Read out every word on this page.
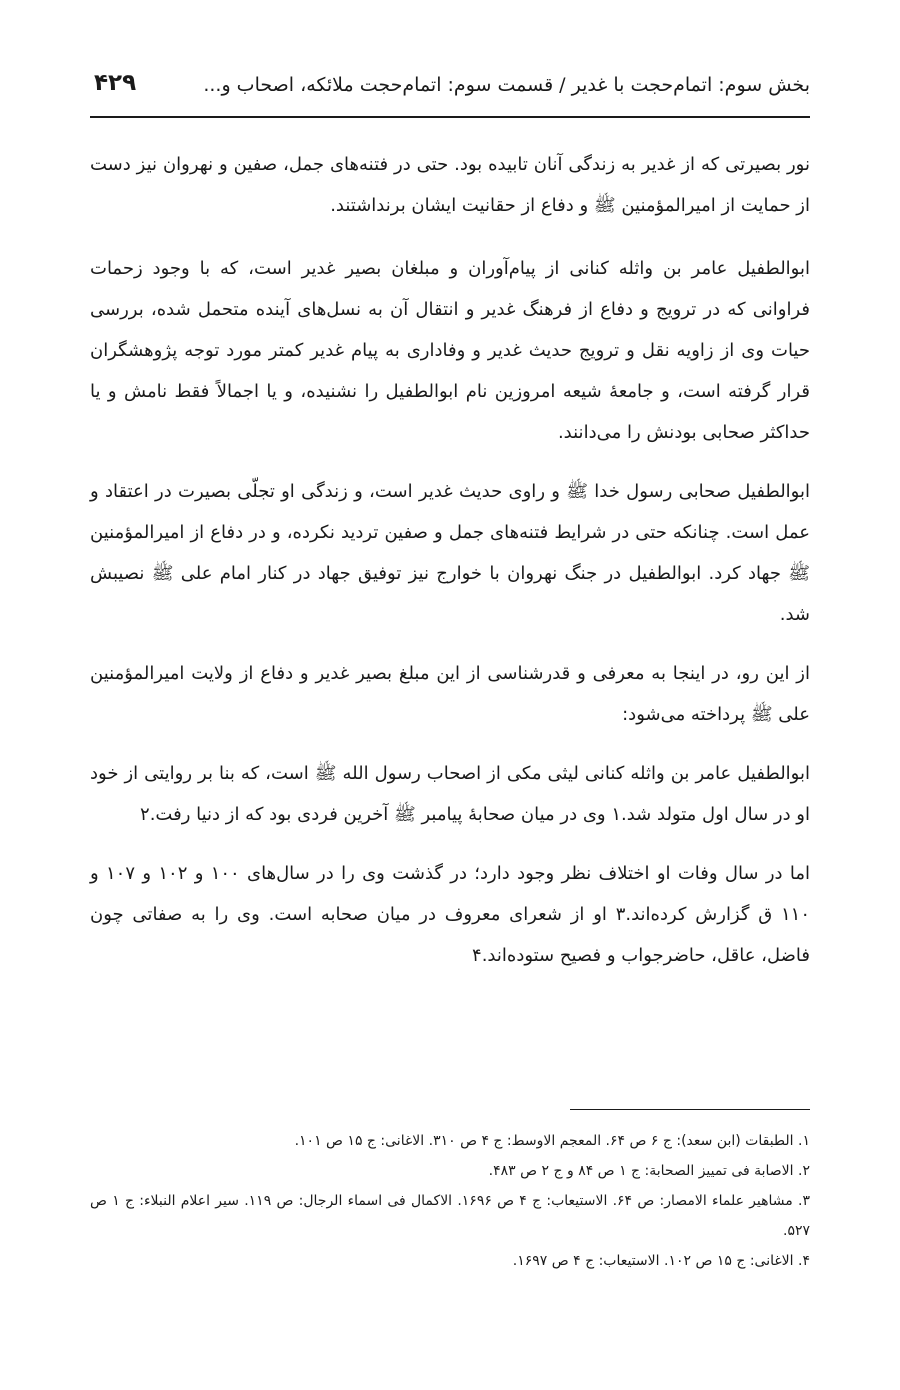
بخش سوم: اتمام‌حجت با غدیر / قسمت سوم: اتمام‌حجت ملائکه، اصحاب و...
۴۲۹

نور بصیرتی که از غدیر به زندگی آنان تابیده بود. حتی در فتنه‌های جمل، صفین و نهروان نیز دست از حمایت از امیرالمؤمنین ﷺ و دفاع از حقانیت ایشان برنداشتند.

ابوالطفیل عامر بن واثله کنانی از پیام‌آوران و مبلغان بصیر غدیر است، که با وجود زحمات فراوانی که در ترویج و دفاع از فرهنگ غدیر و انتقال آن به نسل‌های آینده متحمل شده، بررسی حیات وی از زاویه نقل و ترویج حدیث غدیر و وفاداری به پیام غدیر کمتر مورد توجه پژوهشگران قرار گرفته است، و جامعهٔ شیعه امروزین نام ابوالطفیل را نشنیده، و یا اجمالاً فقط نامش و یا حداکثر صحابی بودنش را می‌دانند.

ابوالطفیل صحابی رسول خدا ﷺ و راوی حدیث غدیر است، و زندگی او تجلّی بصیرت در اعتقاد و عمل است. چنانکه حتی در شرایط فتنه‌های جمل و صفین تردید نکرده، و در دفاع از امیرالمؤمنین ﷺ جهاد کرد. ابوالطفیل در جنگ نهروان با خوارج نیز توفیق جهاد در کنار امام علی ﷺ نصیبش شد.

از این رو، در اینجا به معرفی و قدرشناسی از این مبلغ بصیر غدیر و دفاع از ولایت امیرالمؤمنین علی ﷺ پرداخته می‌شود:

ابوالطفیل عامر بن واثله کنانی لیثی مکی از اصحاب رسول الله ﷺ است، که بنا بر روایتی از خود او در سال اول متولد شد.۱ وی در میان صحابهٔ پیامبر ﷺ آخرین فردی بود که از دنیا رفت.۲

اما در سال وفات او اختلاف نظر وجود دارد؛ در گذشت وی را در سال‌های ۱۰۰ و ۱۰۲ و ۱۰۷ و ۱۱۰ ق گزارش کرده‌اند.۳ او از شعرای معروف در میان صحابه است. وی را به صفاتی چون فاضل، عاقل، حاضرجواب و فصیح ستوده‌اند.۴

۱. الطبقات (ابن سعد): ج ۶ ص ۶۴. المعجم الاوسط: ج ۴ ص ۳۱۰. الاغانی: ج ۱۵ ص ۱۰۱.

۲. الاصابة فی تمییز الصحابة: ج ۱ ص ۸۴ و ج ۲ ص ۴۸۳.

۳. مشاهیر علماء الامصار: ص ۶۴. الاستیعاب: ج ۴ ص ۱۶۹۶. الاکمال فی اسماء الرجال: ص ۱۱۹. سیر اعلام النبلاء: ج ۱ ص ۵۲۷.

۴. الاغانی: ج ۱۵ ص ۱۰۲. الاستیعاب: ج ۴ ص ۱۶۹۷.
